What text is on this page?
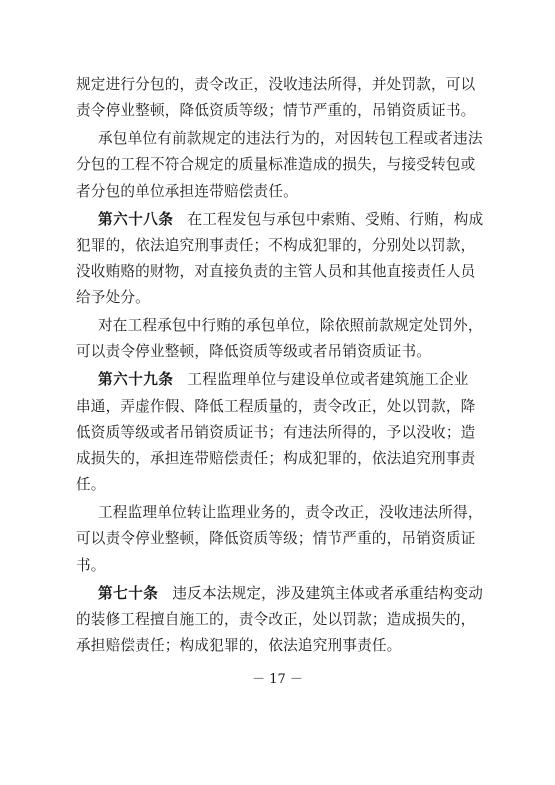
规定进行分包的，责令改正，没收违法所得，并处罚款，可以
责令停业整顿，降低资质等级；情节严重的，吊销资质证书。
承包单位有前款规定的违法行为的，对因转包工程或者违法
分包的工程不符合规定的质量标准造成的损失，与接受转包或
者分包的单位承担连带赔偿责任。
第六十八条 在工程发包与承包中索贿、受贿、行贿，构成
犯罪的，依法追究刑事责任；不构成犯罪的，分别处以罚款，
没收贿赂的财物，对直接负责的主管人员和其他直接责任人员
给予处分。
对在工程承包中行贿的承包单位，除依照前款规定处罚外，
可以责令停业整顿，降低资质等级或者吊销资质证书。
第六十九条 工程监理单位与建设单位或者建筑施工企业
串通，弄虚作假、降低工程质量的，责令改正，处以罚款，降
低资质等级或者吊销资质证书；有违法所得的，予以没收；造
成损失的，承担连带赔偿责任；构成犯罪的，依法追究刑事责
任。
工程监理单位转让监理业务的，责令改正，没收违法所得，
可以责令停业整顿，降低资质等级；情节严重的，吊销资质证
书。
第七十条 违反本法规定，涉及建筑主体或者承重结构变动
的装修工程擅自施工的，责令改正，处以罚款；造成损失的，
承担赔偿责任；构成犯罪的，依法追究刑事责任。
－ 17 －
